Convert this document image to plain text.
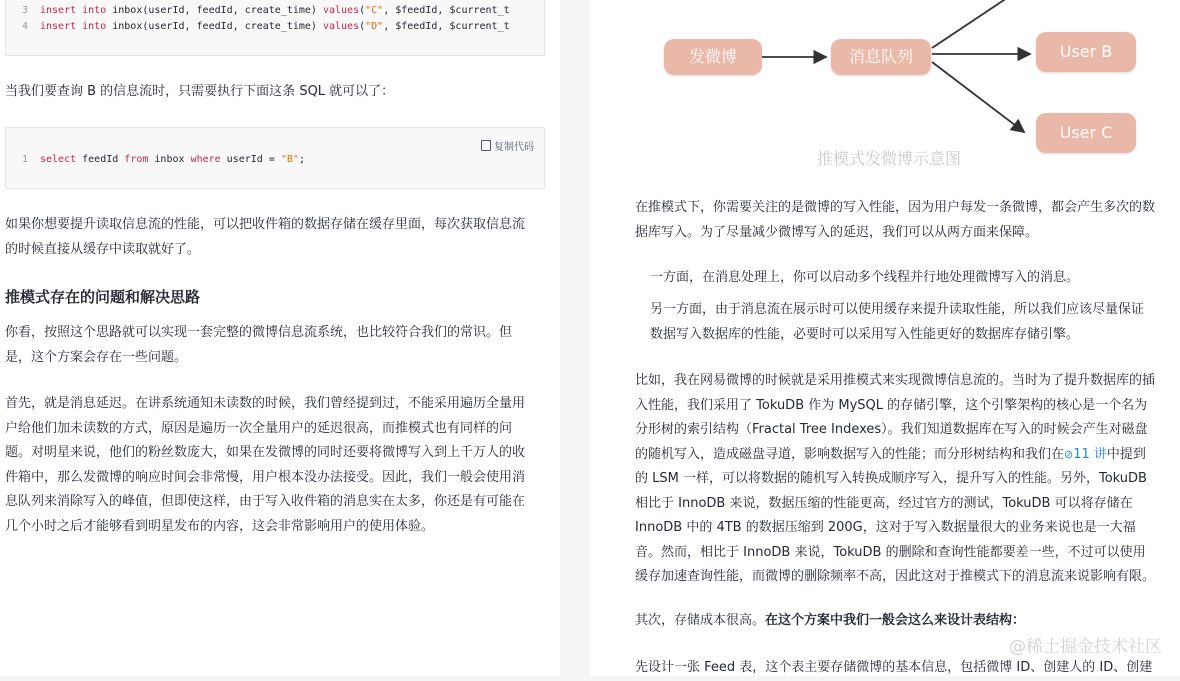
3 insert into inbox(userId, feedId, create_time) values("C", $feedId, $current_t
4 insert into inbox(userId, feedId, create_time) values("D", $feedId, $current_t
当我们要查询 B 的信息流时，只需要执行下面这条 SQL 就可以了：
复制代码
1 select feedId from inbox where userId = "B";
如果你想要提升读取信息流的性能，可以把收件箱的数据存储在缓存里面，每次获取信息流
的时候直接从缓存中读取就好了。
推模式存在的问题和解决思路
你看，按照这个思路就可以实现一套完整的微博信息流系统，也比较符合我们的常识。但
是，这个方案会存在一些问题。
首先，就是消息延迟。在讲系统通知未读数的时候，我们曾经提到过，不能采用遍历全量用
户给他们加未读数的方式，原因是遍历一次全量用户的延迟很高，而推模式也有同样的问
题。对明星来说，他们的粉丝数庞大，如果在发微博的同时还要将微博写入到上千万人的收
件箱中，那么发微博的响应时间会非常慢，用户根本没办法接受。因此，我们一般会使用消
息队列来消除写入的峰值，但即使这样，由于写入收件箱的消息实在太多，你还是有可能在
几个小时之后才能够看到明星发布的内容，这会非常影响用户的使用体验。
发微博	消息队列	User B
User C
推模式发微博示意图
在推模式下，你需要关注的是微博的写入性能，因为用户每发一条微博，都会产生多次的数
据库写入。为了尽量减少微博写入的延迟，我们可以从两方面来保障。
一方面，在消息处理上，你可以启动多个线程并行地处理微博写入的消息。
另一方面，由于消息流在展示时可以使用缓存来提升读取性能，所以我们应该尽量保证
数据写入数据库的性能，必要时可以采用写入性能更好的数据库存储引擎。
比如，我在网易微博的时候就是采用推模式来实现微博信息流的。当时为了提升数据库的插
入性能，我们采用了 TokuDB 作为 MySQL 的存储引擎，这个引擎架构的核心是一个名为
分形树的索引结构（Fractal Tree Indexes）。我们知道数据库在写入的时候会产生对磁盘
的随机写入，造成磁盘寻道，影响数据写入的性能；而分形树结构和我们在⊘11 讲中提到
的 LSM 一样，可以将数据的随机写入转换成顺序写入，提升写入的性能。另外，TokuDB
相比于 InnoDB 来说，数据压缩的性能更高，经过官方的测试，TokuDB 可以将存储在
InnoDB 中的 4TB 的数据压缩到 200G，这对于写入数据量很大的业务来说也是一大福
音。然而，相比于 InnoDB 来说，TokuDB 的删除和查询性能都要差一些，不过可以使用
缓存加速查询性能，而微博的删除频率不高，因此这对于推模式下的消息流来说影响有限。
其次，存储成本很高。在这个方案中我们一般会这么来设计表结构：
先设计一张 Feed 表，这个表主要存储微博的基本信息，包括微博 ID、创建人的 ID、创建
@稀土掘金技术社区
